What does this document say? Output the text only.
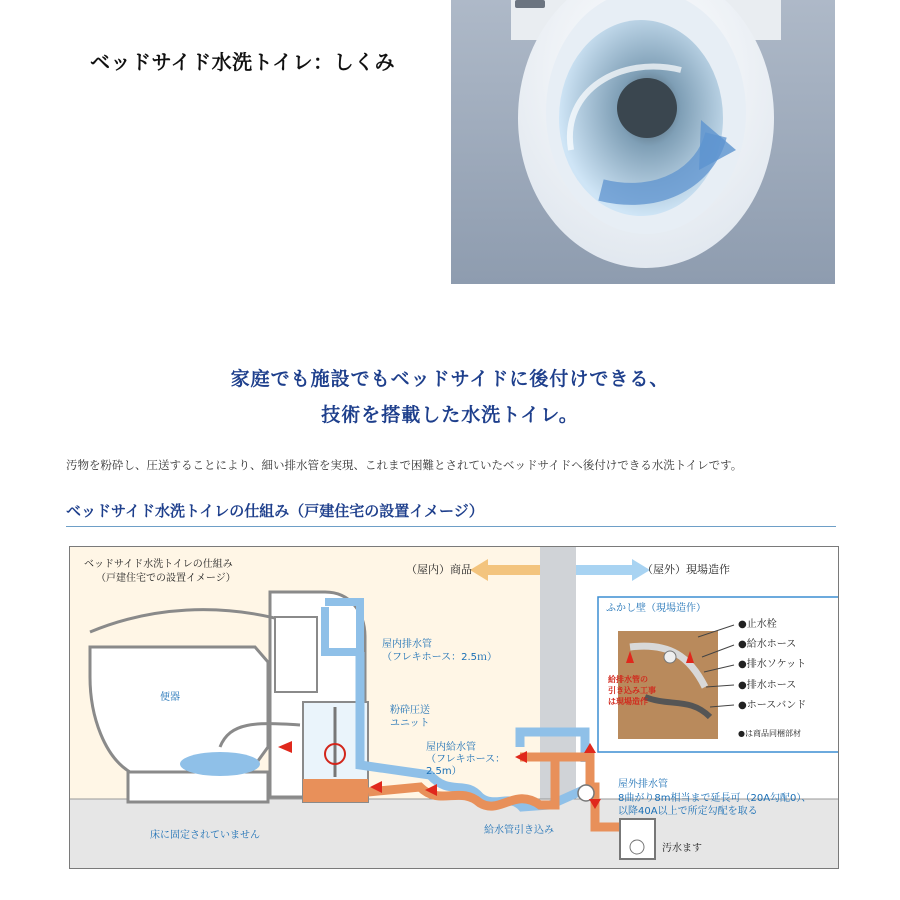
ベッドサイド水洗トイレ：しくみ
家庭でも施設でもベッドサイドに後付けできる、
技術を搭載した水洗トイレ。
汚物を粉砕し、圧送することにより、細い排水管を実現、これまで困難とされていたベッドサイドへ後付けできる水洗トイレです。
ベッドサイド水洗トイレの仕組み（戸建住宅の設置イメージ）
ベッドサイド水洗トイレの仕組み
（戸建住宅での設置イメージ）
（屋内）商品	（屋外）現場造作
便器
床に固定されていません
屋内排水管
（フレキホース：2.5ｍ）
粉砕圧送
ユニット
屋内給水管
（フレキホース：
2.5m）
給水管引き込み
屋外排水管
8曲がり8m相当まで延長可（20A勾配0）、
以降40A以上で所定勾配を取る
汚水ます
ふかし壁（現場造作）
●止水栓
●給水ホース
●排水ソケット
●排水ホース
●ホースバンド
●は商品同梱部材
給排水管の
引き込み工事
は現場造作
